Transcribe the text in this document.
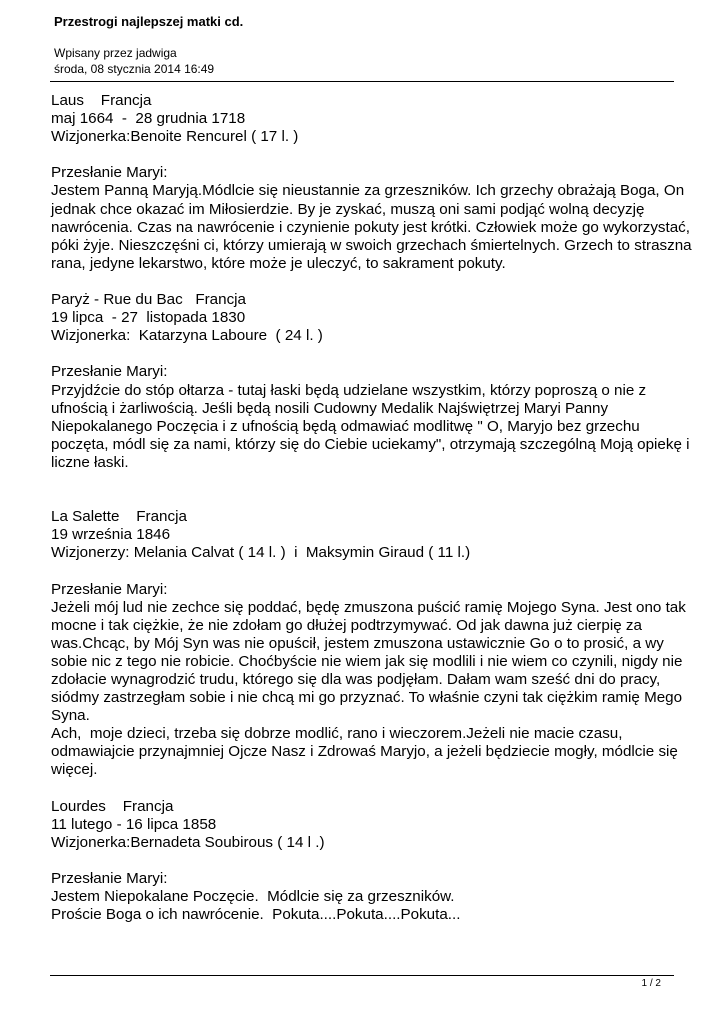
Przestrogi najlepszej matki cd.
Wpisany przez jadwiga
środa, 08 stycznia 2014 16:49
Laus    Francja
maj 1664  -  28 grudnia 1718
Wizjonerka:Benoite Rencurel ( 17 l. )
Przesłanie Maryi:
Jestem Panną Maryją.Módlcie się nieustannie za grzeszników. Ich grzechy obrażają Boga, On
jednak chce okazać im Miłosierdzie. By je zyskać, muszą oni sami podjąć wolną decyzję
nawrócenia. Czas na nawrócenie i czynienie pokuty jest krótki. Człowiek może go wykorzystać,
póki żyje. Nieszczęśni ci, którzy umierają w swoich grzechach śmiertelnych. Grzech to straszna
rana, jedyne lekarstwo, które może je uleczyć, to sakrament pokuty.
Paryż - Rue du Bac   Francja
19 lipca  - 27  listopada 1830
Wizjonerka:  Katarzyna Laboure  ( 24 l. )
Przesłanie Maryi:
Przyjdźcie do stóp ołtarza - tutaj łaski będą udzielane wszystkim, którzy poproszą o nie z
ufnością i żarliwością. Jeśli będą nosili Cudowny Medalik Najświętrzej Maryi Panny
Niepokalanego Poczęcia i z ufnością będą odmawiać modlitwę " O, Maryjo bez grzechu
poczęta, módl się za nami, którzy się do Ciebie uciekamy", otrzymają szczególną Moją opiekę i
liczne łaski.
La Salette    Francja
19 września 1846
Wizjonerzy: Melania Calvat ( 14 l. )  i  Maksymin Giraud ( 11 l.)
Przesłanie Maryi:
Jeżeli mój lud nie zechce się poddać, będę zmuszona puścić ramię Mojego Syna. Jest ono tak
mocne i tak ciężkie, że nie zdołam go dłużej podtrzymywać. Od jak dawna już cierpię za
was.Chcąc, by Mój Syn was nie opuścił, jestem zmuszona ustawicznie Go o to prosić, a wy
sobie nic z tego nie robicie. Choćbyście nie wiem jak się modlili i nie wiem co czynili, nigdy nie
zdołacie wynagrodzić trudu, którego się dla was podjęłam. Dałam wam sześć dni do pracy,
siódmy zastrzegłam sobie i nie chcą mi go przyznać. To właśnie czyni tak ciężkim ramię Mego
Syna.
Ach,  moje dzieci, trzeba się dobrze modlić, rano i wieczorem.Jeżeli nie macie czasu,
odmawiajcie przynajmniej Ojcze Nasz i Zdrowaś Maryjo, a jeżeli będziecie mogły, módlcie się
więcej.
Lourdes    Francja
11 lutego - 16 lipca 1858
Wizjonerka:Bernadeta Soubirous ( 14 l .)
Przesłanie Maryi:
Jestem Niepokalane Poczęcie.  Módlcie się za grzeszników.
Proście Boga o ich nawrócenie.  Pokuta....Pokuta....Pokuta...
1 / 2
